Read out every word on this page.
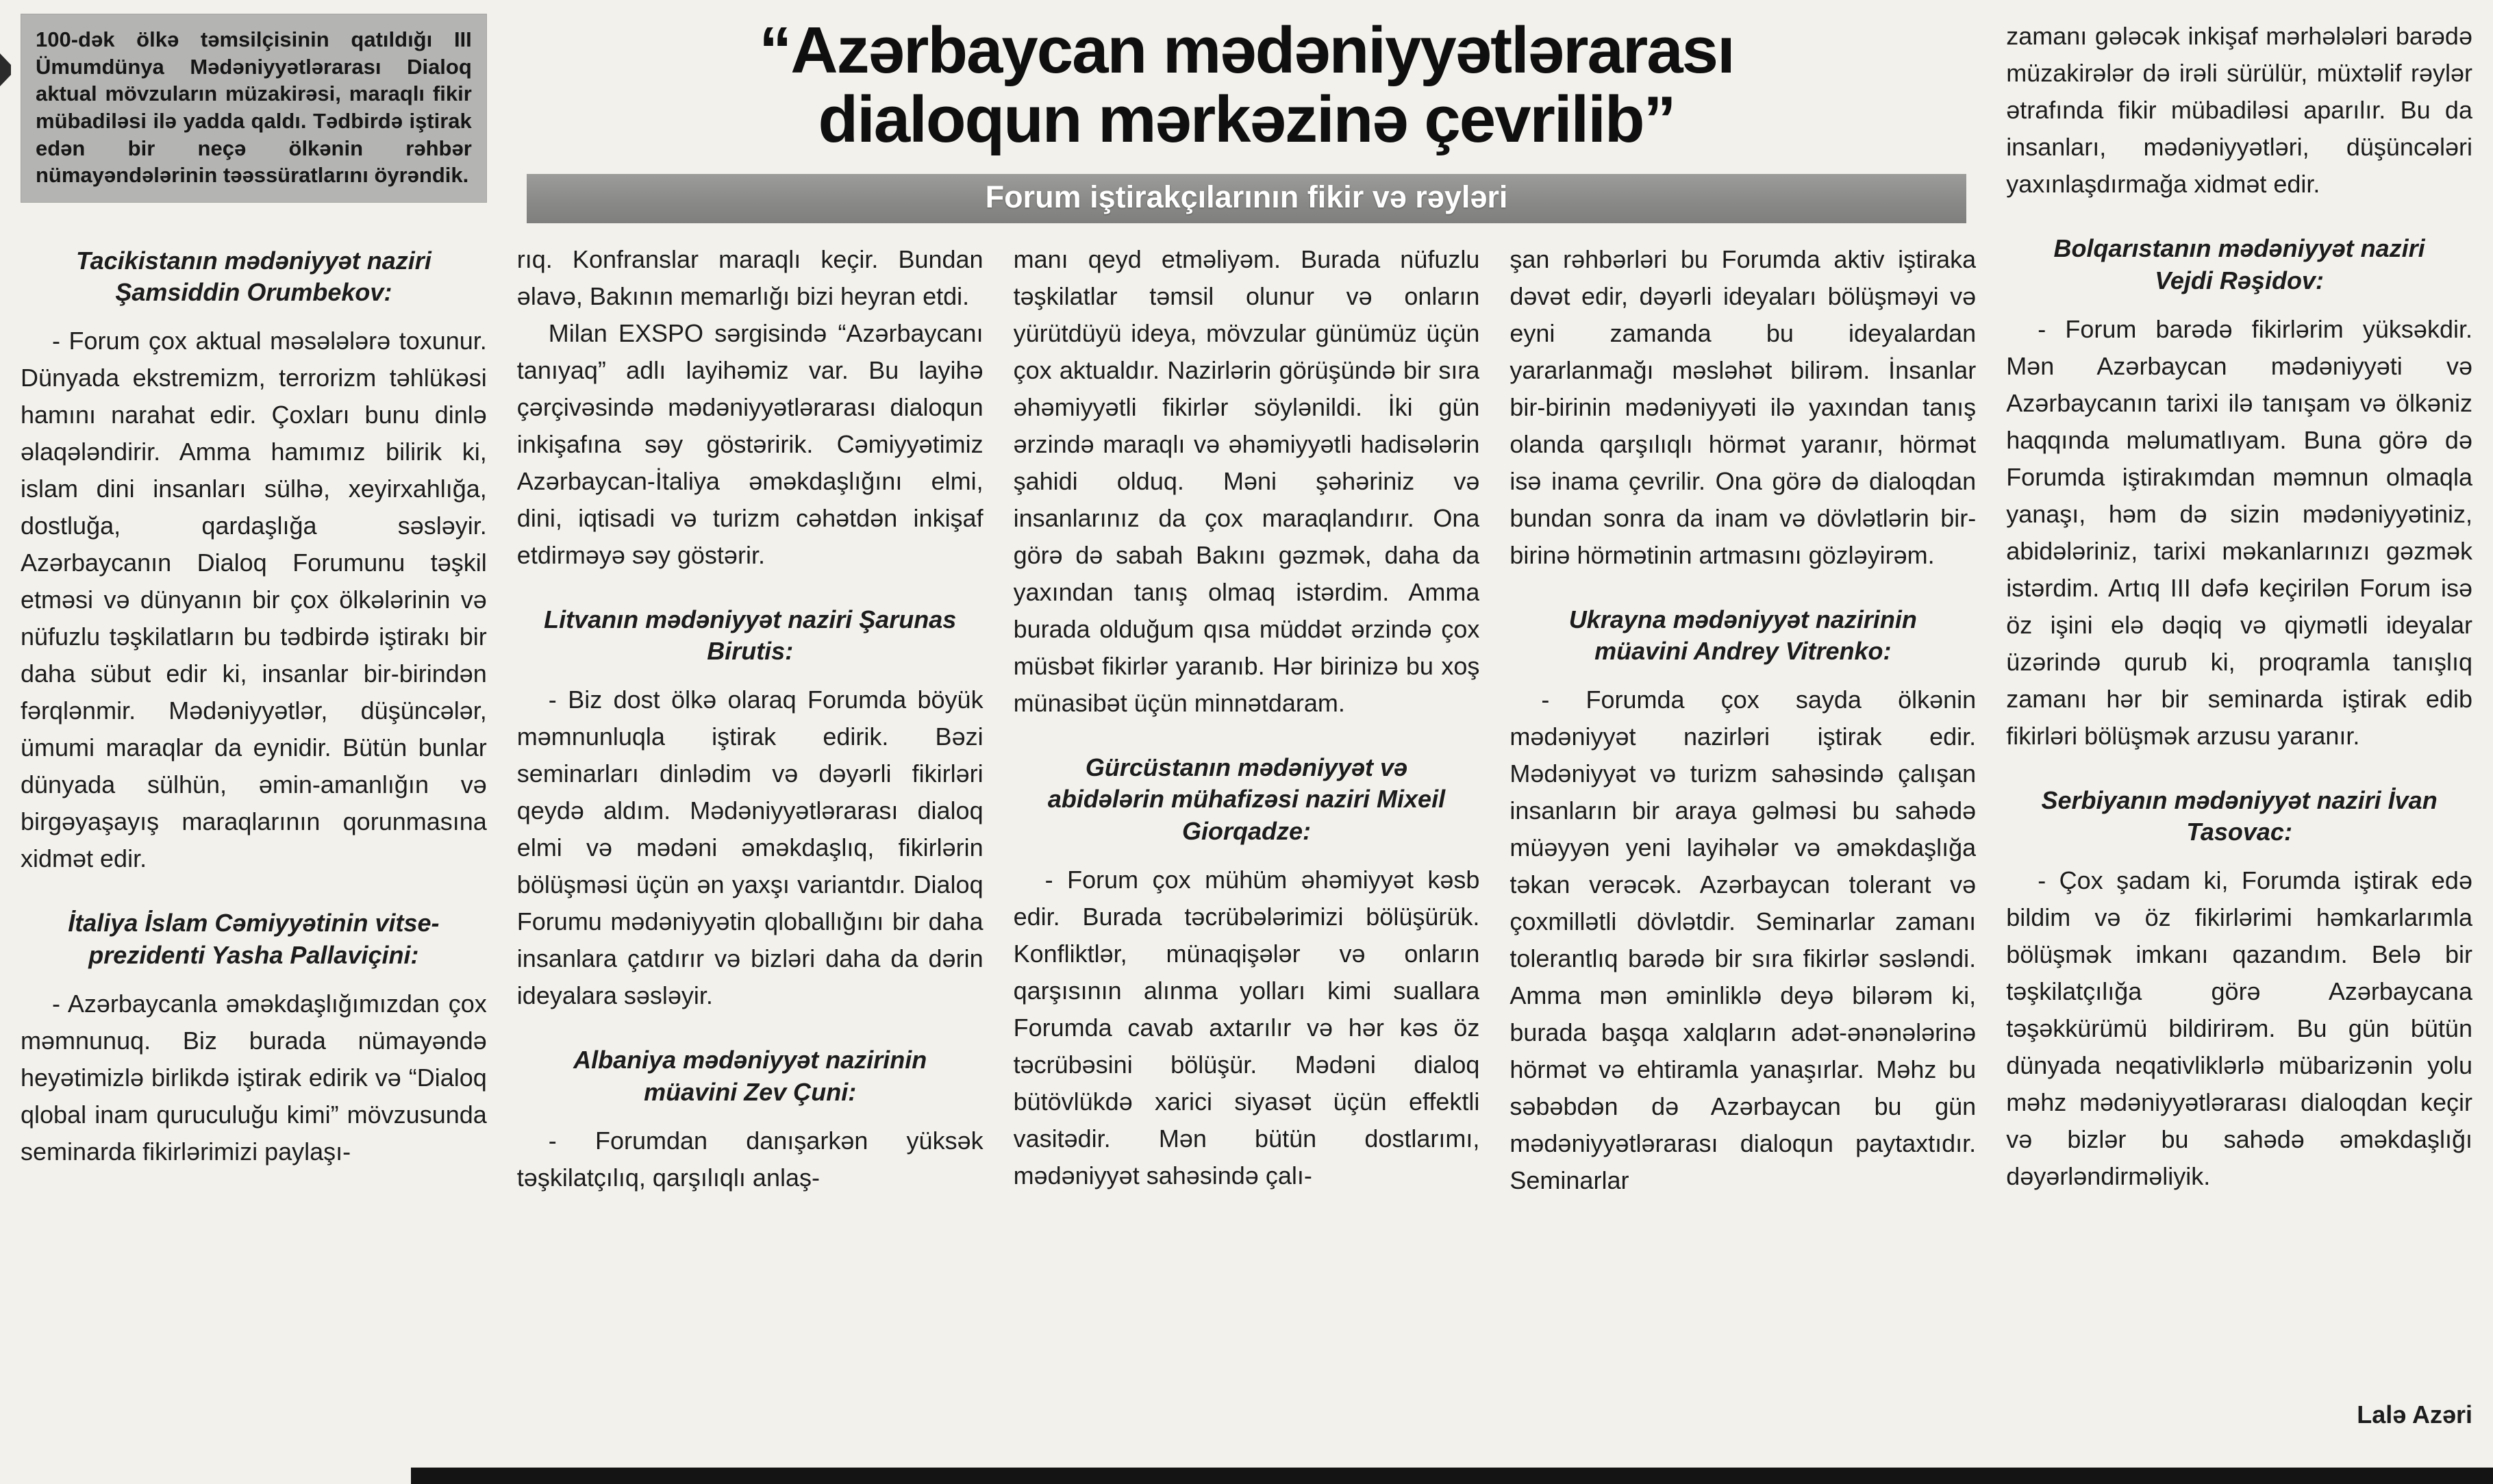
100-dək ölkə təmsilçisinin qatıldığı III Ümumdünya Mədəniyyətlərarası Dialoq aktual mövzuların müzakirəsi, maraqlı fikir mübadiləsi ilə yadda qaldı. Tədbirdə iştirak edən bir neçə ölkənin rəhbər nümayəndələrinin təəssüratlarını öyrəndik.

“Azərbaycan mədəniyyətlərarası
dialoqun mərkəzinə çevrilib”
Forum iştirakçılarının fikir və rəyləri
Tacikistanın mədəniyyət naziri Şamsiddin Orumbekov:

- Forum çox aktual məsələlərə toxunur. Dünyada ekstremizm, terrorizm təhlükəsi hamını narahat edir. Çoxları bunu dinlə əlaqələndirir. Amma hamımız bilirik ki, islam dini insanları sülhə, xeyirxahlığa, dostluğa, qardaşlığa səsləyir. Azərbaycanın Dialoq Forumunu təşkil etməsi və dünyanın bir çox ölkələrinin və nüfuzlu təşkilatların bu tədbirdə iştirakı bir daha sübut edir ki, insanlar bir-birindən fərqlənmir. Mədəniyyətlər, düşüncələr, ümumi maraqlar da eynidir. Bütün bunlar dünyada sülhün, əmin-amanlığın və birgəyaşayış maraqlarının qorunmasına xidmət edir.

İtaliya İslam Cəmiyyətinin vitse-prezidenti Yasha Pallaviçini:

- Azərbaycanla əməkdaşlığımızdan çox məmnunuq. Biz burada nümayəndə heyətimizlə birlikdə iştirak edirik və “Dialoq qlobal inam quruculuğu kimi” mövzusunda seminarda fikirlərimizi paylaşı-

rıq. Konfranslar maraqlı keçir. Bundan əlavə, Bakının memarlığı bizi heyran etdi.

Milan EXSPO sərgisində “Azərbaycanı tanıyaq” adlı layihəmiz var. Bu layihə çərçivəsində mədəniyyətlərarası dialoqun inkişafına səy göstəririk. Cəmiyyətimiz Azərbaycan-İtaliya əməkdaşlığını elmi, dini, iqtisadi və turizm cəhətdən inkişaf etdirməyə səy göstərir.

Litvanın mədəniyyət naziri Şarunas Birutis:

- Biz dost ölkə olaraq Forumda böyük məmnunluqla iştirak edirik. Bəzi seminarları dinlədim və dəyərli fikirləri qeydə aldım. Mədəniyyətlərarası dialoq elmi və mədəni əməkdaşlıq, fikirlərin bölüşməsi üçün ən yaxşı variantdır. Dialoq Forumu mədəniyyətin qloballığını bir daha insanlara çatdırır və bizləri daha da dərin ideyalara səsləyir.

Albaniya mədəniyyət nazirinin müavini Zev Çuni:

- Forumdan danışarkən yüksək təşkilatçılıq, qarşılıqlı anlaş-

manı qeyd etməliyəm. Burada nüfuzlu təşkilatlar təmsil olunur və onların yürütdüyü ideya, mövzular günümüz üçün çox aktualdır. Nazirlərin görüşündə bir sıra əhəmiyyətli fikirlər söylənildi. İki gün ərzində maraqlı və əhəmiyyətli hadisələrin şahidi olduq. Məni şəhəriniz və insanlarınız da çox maraqlandırır. Ona görə də sabah Bakını gəzmək, daha da yaxından tanış olmaq istərdim. Amma burada olduğum qısa müddət ərzində çox müsbət fikirlər yaranıb. Hər birinizə bu xoş münasibət üçün minnətdaram.

Gürcüstanın mədəniyyət və abidələrin mühafizəsi naziri Mixeil Giorqadze:

- Forum çox mühüm əhəmiyyət kəsb edir. Burada təcrübələrimizi bölüşürük. Konfliktlər, münaqişələr və onların qarşısının alınma yolları kimi suallara Forumda cavab axtarılır və hər kəs öz təcrübəsini bölüşür. Mədəni dialoq bütövlükdə xarici siyasət üçün effektli vasitədir. Mən bütün dostlarımı, mədəniyyət sahəsində çalı-

şan rəhbərləri bu Forumda aktiv iştiraka dəvət edir, dəyərli ideyaları bölüşməyi və eyni zamanda bu ideyalardan yararlanmağı məsləhət bilirəm. İnsanlar bir-birinin mədəniyyəti ilə yaxından tanış olanda qarşılıqlı hörmət yaranır, hörmət isə inama çevrilir. Ona görə də dialoqdan bundan sonra da inam və dövlətlərin bir-birinə hörmətinin artmasını gözləyirəm.

Ukrayna mədəniyyət nazirinin müavini Andrey Vitrenko:

- Forumda çox sayda ölkənin mədəniyyət nazirləri iştirak edir. Mədəniyyət və turizm sahəsində çalışan insanların bir araya gəlməsi bu sahədə müəyyən yeni layihələr və əməkdaşlığa təkan verəcək. Azərbaycan tolerant və çoxmillətli dövlətdir. Seminarlar zamanı tolerantlıq barədə bir sıra fikirlər səsləndi. Amma mən əminliklə deyə bilərəm ki, burada başqa xalqların adət-ənənələrinə hörmət və ehtiramla yanaşırlar. Məhz bu səbəbdən də Azərbaycan bu gün mədəniyyətlərarası dialoqun paytaxtıdır. Seminarlar

zamanı gələcək inkişaf mərhələləri barədə müzakirələr də irəli sürülür, müxtəlif rəylər ətrafında fikir mübadiləsi aparılır. Bu da insanları, mədəniyyətləri, düşüncələri yaxınlaşdırmağa xidmət edir.

Bolqarıstanın mədəniyyət naziri Vejdi Rəşidov:

- Forum barədə fikirlərim yüksəkdir. Mən Azərbaycan mədəniyyəti və Azərbaycanın tarixi ilə tanışam və ölkəniz haqqında məlumatlıyam. Buna görə də Forumda iştirakımdan məmnun olmaqla yanaşı, həm də sizin mədəniyyətiniz, abidələriniz, tarixi məkanlarınızı gəzmək istərdim. Artıq III dəfə keçirilən Forum isə öz işini elə dəqiq və qiymətli ideyalar üzərində qurub ki, proqramla tanışlıq zamanı hər bir seminarda iştirak edib fikirləri bölüşmək arzusu yaranır.

Serbiyanın mədəniyyət naziri İvan Tasovac:

- Çox şadam ki, Forumda iştirak edə bildim və öz fikirlərimi həmkarlarımla bölüşmək imkanı qazandım. Belə bir təşkilatçılığa görə Azərbaycana təşəkkürümü bildirirəm. Bu gün bütün dünyada neqativliklərlə mübarizənin yolu məhz mədəniyyətlərarası dialoqdan keçir və bizlər bu sahədə əməkdaşlığı dəyərləndirməliyik.

Lalə Azəri
